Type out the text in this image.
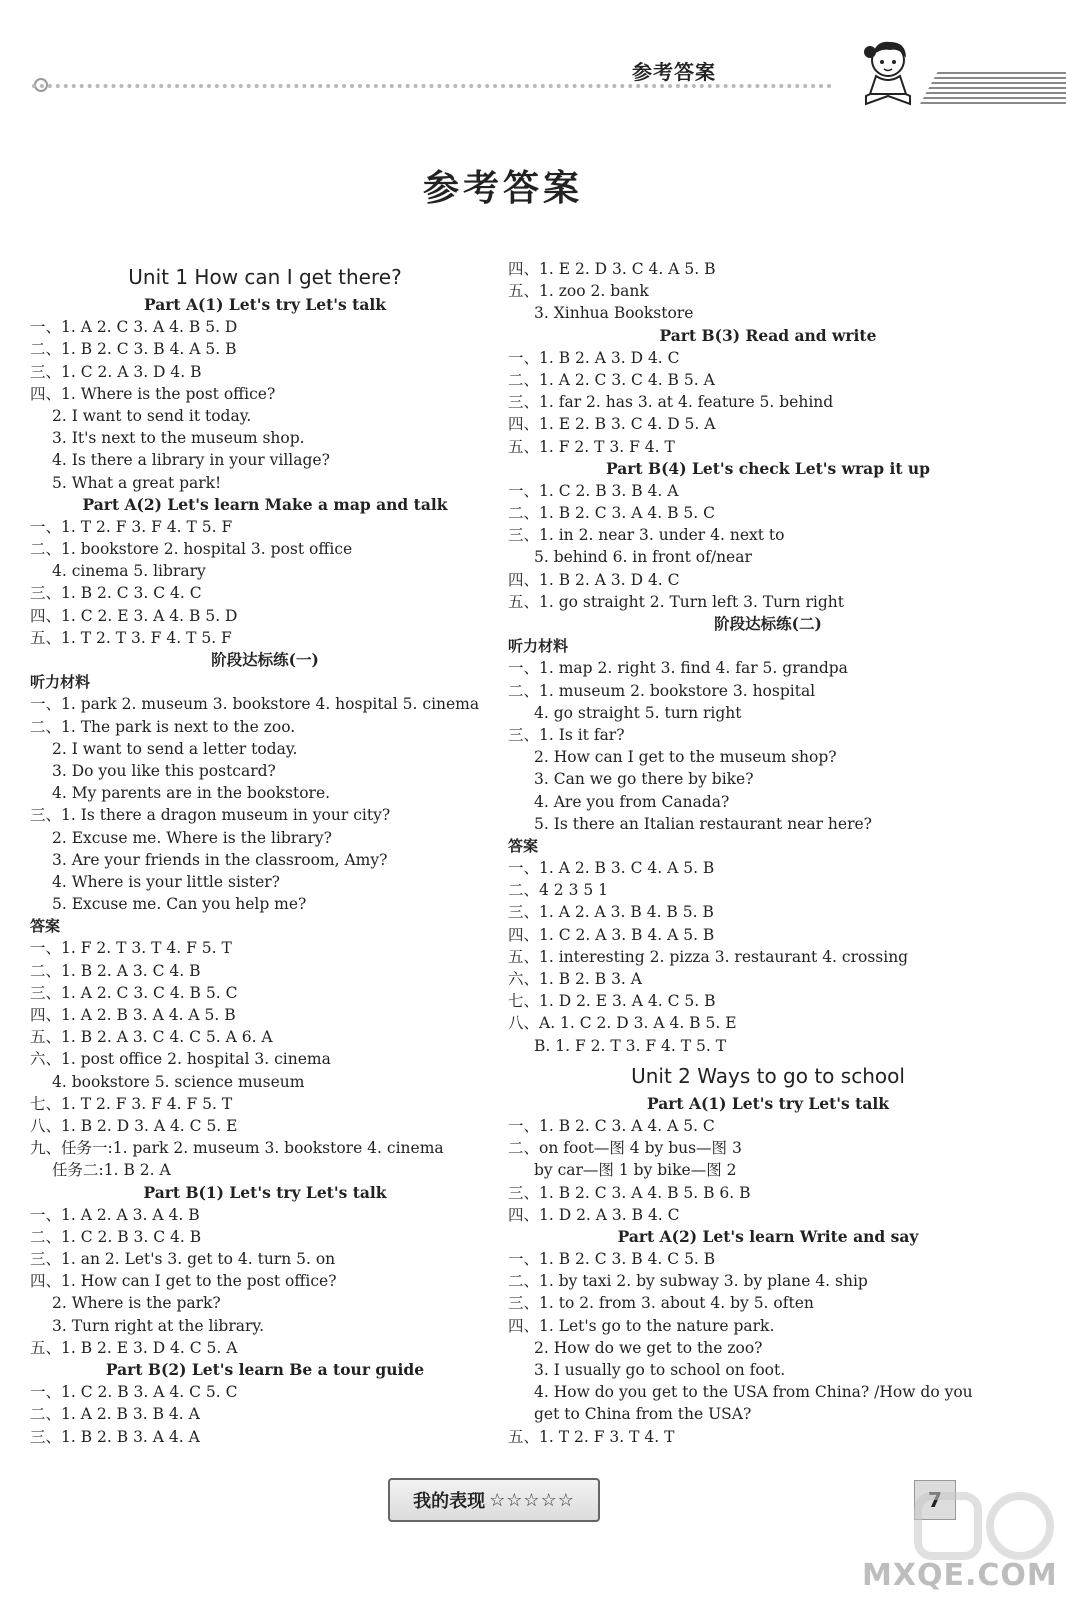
参考答案
参考答案
Unit 1 How can I get there?
Part A(1) Let's try Let's talk
一、1. A 2. C 3. A 4. B 5. D
二、1. B 2. C 3. B 4. A 5. B
三、1. C 2. A 3. D 4. B
四、1. Where is the post office?
2. I want to send it today.
3. It's next to the museum shop.
4. Is there a library in your village?
5. What a great park!
Part A(2) Let's learn Make a map and talk
一、1. T 2. F 3. F 4. T 5. F
二、1. bookstore 2. hospital 3. post office
4. cinema 5. library
三、1. B 2. C 3. C 4. C
四、1. C 2. E 3. A 4. B 5. D
五、1. T 2. T 3. F 4. T 5. F
阶段达标练(一)
听力材料
一、1. park 2. museum 3. bookstore 4. hospital 5. cinema
二、1. The park is next to the zoo.
2. I want to send a letter today.
3. Do you like this postcard?
4. My parents are in the bookstore.
三、1. Is there a dragon museum in your city?
2. Excuse me. Where is the library?
3. Are your friends in the classroom, Amy?
4. Where is your little sister?
5. Excuse me. Can you help me?
答案
一、1. F 2. T 3. T 4. F 5. T
二、1. B 2. A 3. C 4. B
三、1. A 2. C 3. C 4. B 5. C
四、1. A 2. B 3. A 4. A 5. B
五、1. B 2. A 3. C 4. C 5. A 6. A
六、1. post office 2. hospital 3. cinema
4. bookstore 5. science museum
七、1. T 2. F 3. F 4. F 5. T
八、1. B 2. D 3. A 4. C 5. E
九、任务一:1. park 2. museum 3. bookstore 4. cinema
任务二:1. B 2. A
Part B(1) Let's try Let's talk
一、1. A 2. A 3. A 4. B
二、1. C 2. B 3. C 4. B
三、1. an 2. Let's 3. get to 4. turn 5. on
四、1. How can I get to the post office?
2. Where is the park?
3. Turn right at the library.
五、1. B 2. E 3. D 4. C 5. A
Part B(2) Let's learn Be a tour guide
一、1. C 2. B 3. A 4. C 5. C
二、1. A 2. B 3. B 4. A
三、1. B 2. B 3. A 4. A
四、1. E 2. D 3. C 4. A 5. B
五、1. zoo 2. bank
3. Xinhua Bookstore
Part B(3) Read and write
一、1. B 2. A 3. D 4. C
二、1. A 2. C 3. C 4. B 5. A
三、1. far 2. has 3. at 4. feature 5. behind
四、1. E 2. B 3. C 4. D 5. A
五、1. F 2. T 3. F 4. T
Part B(4) Let's check Let's wrap it up
一、1. C 2. B 3. B 4. A
二、1. B 2. C 3. A 4. B 5. C
三、1. in 2. near 3. under 4. next to
5. behind 6. in front of/near
四、1. B 2. A 3. D 4. C
五、1. go straight 2. Turn left 3. Turn right
阶段达标练(二)
听力材料
一、1. map 2. right 3. find 4. far 5. grandpa
二、1. museum 2. bookstore 3. hospital
4. go straight 5. turn right
三、1. Is it far?
2. How can I get to the museum shop?
3. Can we go there by bike?
4. Are you from Canada?
5. Is there an Italian restaurant near here?
答案
一、1. A 2. B 3. C 4. A 5. B
二、4 2 3 5 1
三、1. A 2. A 3. B 4. B 5. B
四、1. C 2. A 3. B 4. A 5. B
五、1. interesting 2. pizza 3. restaurant 4. crossing
六、1. B 2. B 3. A
七、1. D 2. E 3. A 4. C 5. B
八、A. 1. C 2. D 3. A 4. B 5. E
B. 1. F 2. T 3. F 4. T 5. T
Unit 2 Ways to go to school
Part A(1) Let's try Let's talk
一、1. B 2. C 3. A 4. A 5. C
二、on foot—图 4 by bus—图 3
by car—图 1 by bike—图 2
三、1. B 2. C 3. A 4. B 5. B 6. B
四、1. D 2. A 3. B 4. C
Part A(2) Let's learn Write and say
一、1. B 2. C 3. B 4. C 5. B
二、1. by taxi 2. by subway 3. by plane 4. ship
三、1. to 2. from 3. about 4. by 5. often
四、1. Let's go to the nature park.
2. How do we get to the zoo?
3. I usually go to school on foot.
4. How do you get to the USA from China? /How do you
get to China from the USA?
五、1. T 2. F 3. T 4. T
我的表现 ☆☆☆☆☆	7
MXQE.COM
